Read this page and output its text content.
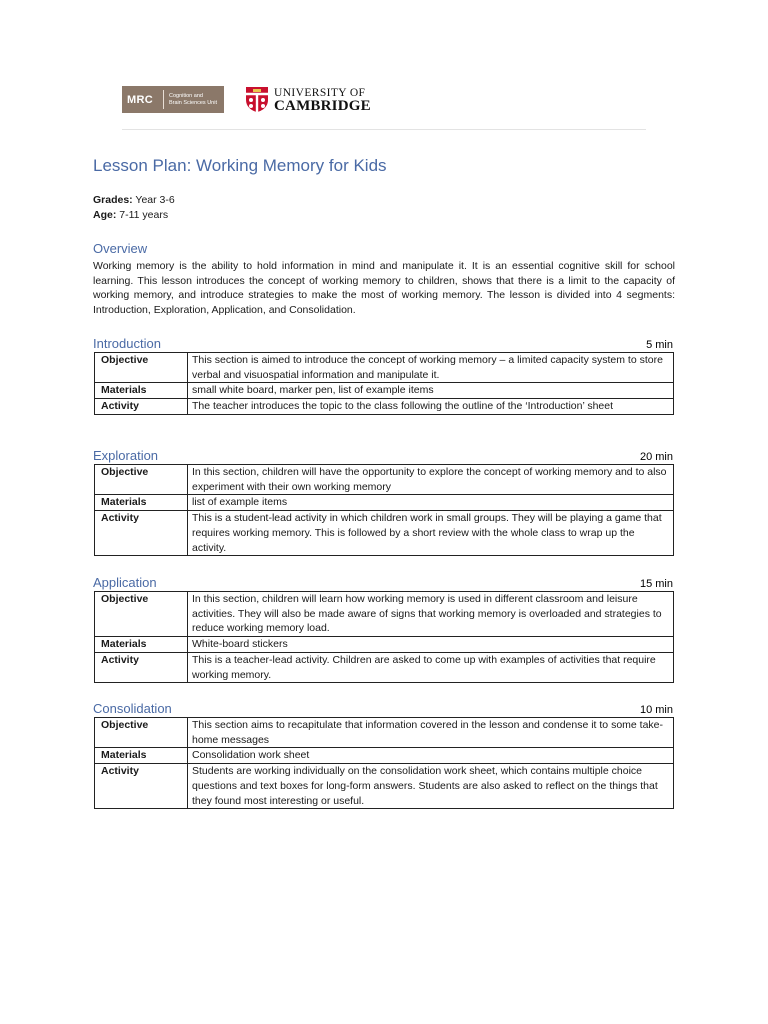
MRC	Cognition and
Brain Sciences Unit
UNIVERSITY OF
CAMBRIDGE
Lesson Plan: Working Memory for Kids
Grades: Year 3-6
Age: 7-11 years
Overview

Working memory is the ability to hold information in mind and manipulate it. It is an essential cognitive skill for school learning. This lesson introduces the concept of working memory to children, shows that there is a limit to the capacity of working memory, and introduce strategies to make the most of working memory. The lesson is divided into 4 segments: Introduction, Exploration, Application, and Consolidation.

Introduction	5 min
Objective	This section is aimed to introduce the concept of working memory – a limited capacity system to store verbal and visuospatial information and manipulate it.
Materials	small white board, marker pen, list of example items
Activity	The teacher introduces the topic to the class following the outline of the ‘Introduction’ sheet
Exploration	20 min
Objective	In this section, children will have the opportunity to explore the concept of working memory and to also experiment with their own working memory
Materials	list of example items
Activity	This is a student-lead activity in which children work in small groups. They will be playing a game that requires working memory. This is followed by a short review with the whole class to wrap up the activity.
Application	15 min
Objective	In this section, children will learn how working memory is used in different classroom and leisure activities. They will also be made aware of signs that working memory is overloaded and strategies to reduce working memory load.
Materials	White-board stickers
Activity	This is a teacher-lead activity. Children are asked to come up with examples of activities that require working memory.
Consolidation	10 min
Objective	This section aims to recapitulate that information covered in the lesson and condense it to some take-home messages
Materials	Consolidation work sheet
Activity	Students are working individually on the consolidation work sheet, which contains multiple choice questions and text boxes for long-form answers. Students are also asked to reflect on the things that they found most interesting or useful.
